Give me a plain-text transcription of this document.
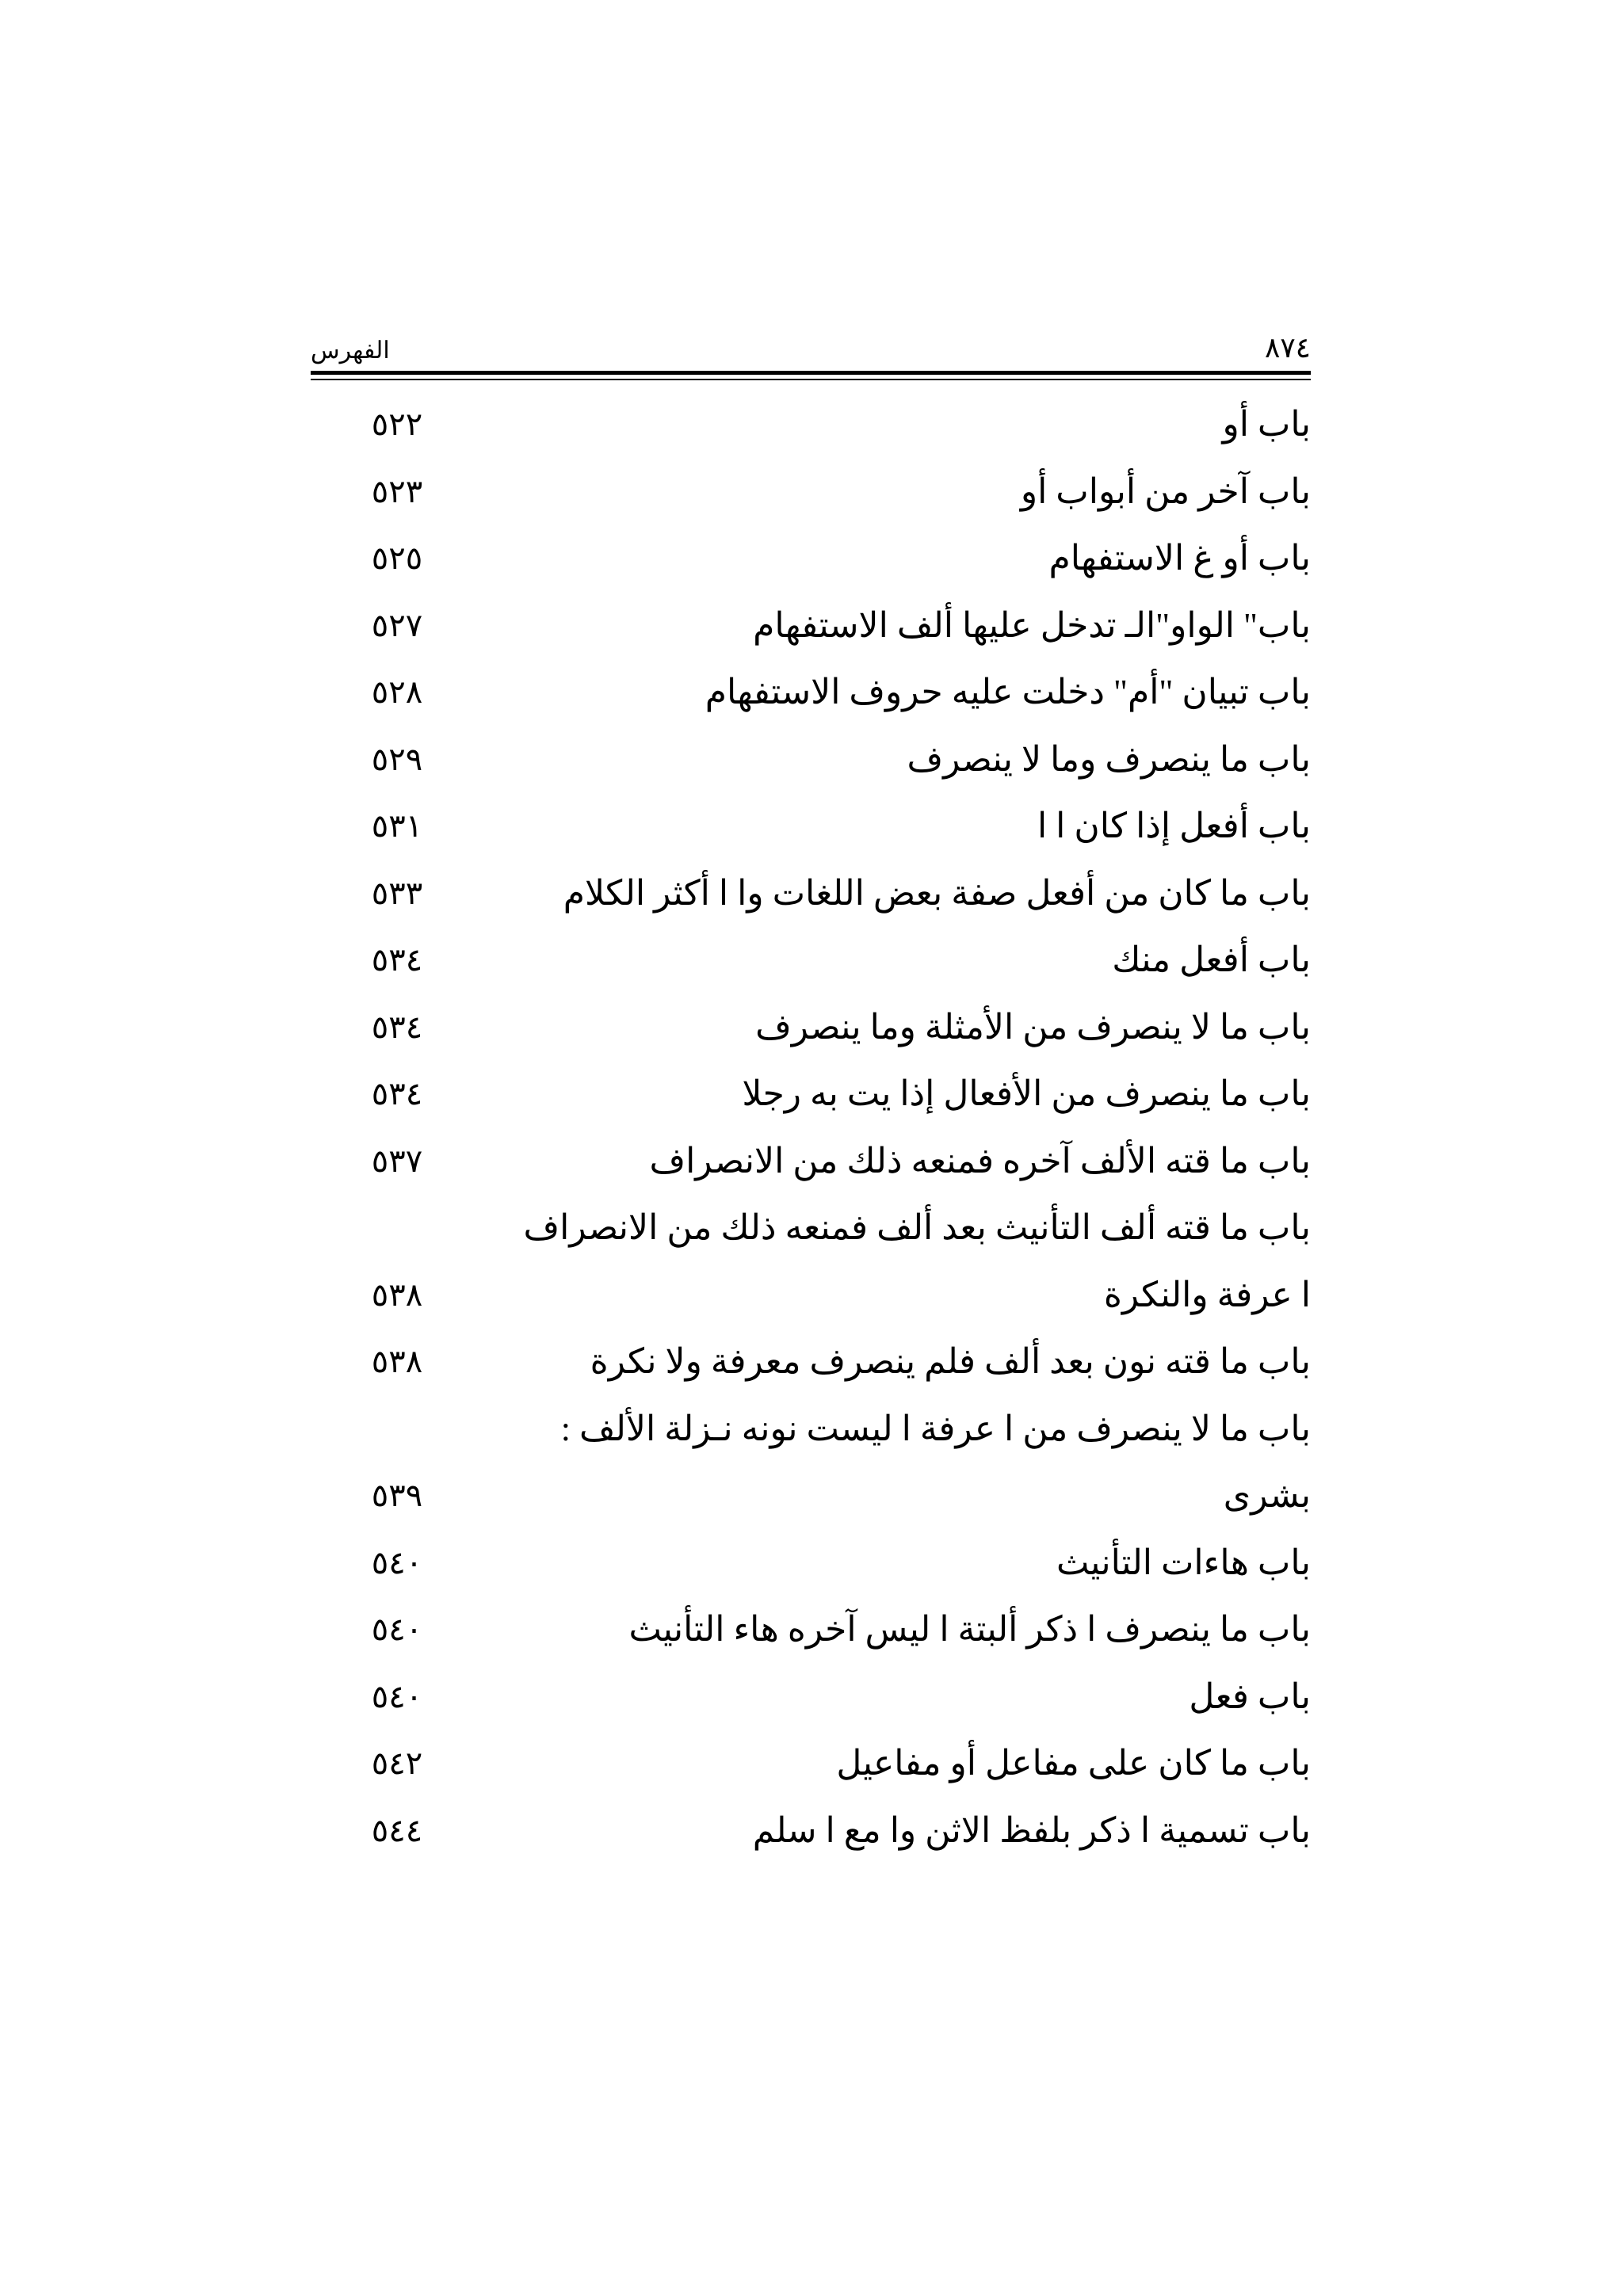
٨٧٤
الفهرس
باب أو
٥٢٢
باب آخر من أبواب أو
٥٢٣
باب أو غ الاستفهام
٥٢٥
باب" الواو"الـ تدخل عليها ألف الاستفهام
٥٢٧
باب تبيان "أم" دخلت عليه حروف الاستفهام
٥٢٨
باب ما ينصرف وما لا ينصرف
٥٢٩
باب أفعل إذا كان ا ا
٥٣١
باب ما كان من أفعل صفة بعض اللغات وا ا أكثر الكلام
٥٣٣
باب أفعل منك
٥٣٤
باب ما لا ينصرف من الأمثلة وما ينصرف
٥٣٤
باب ما ينصرف من الأفعال إذا يت به رجلا
٥٣٤
باب ما قته الألف آخره فمنعه ذلك من الانصراف
٥٣٧
باب ما قته ألف التأنيث بعد ألف فمنعه ذلك من الانصراف
ا عرفة والنكرة
٥٣٨
باب ما قته نون بعد ألف فلم ينصرف معرفة ولا نكرة
٥٣٨
باب ما لا ينصرف من ا عرفة ا ليست نونه نـزلة الألف :
بشرى
٥٣٩
باب هاءات التأنيث
٥٤٠
باب ما ينصرف ا ذكر ألبتة ا ليس آخره هاء التأنيث
٥٤٠
باب فعل
٥٤٠
باب ما كان على مفاعل أو مفاعيل
٥٤٢
باب تسمية ا ذكر بلفظ الاثن وا مع ا سلم
٥٤٤
